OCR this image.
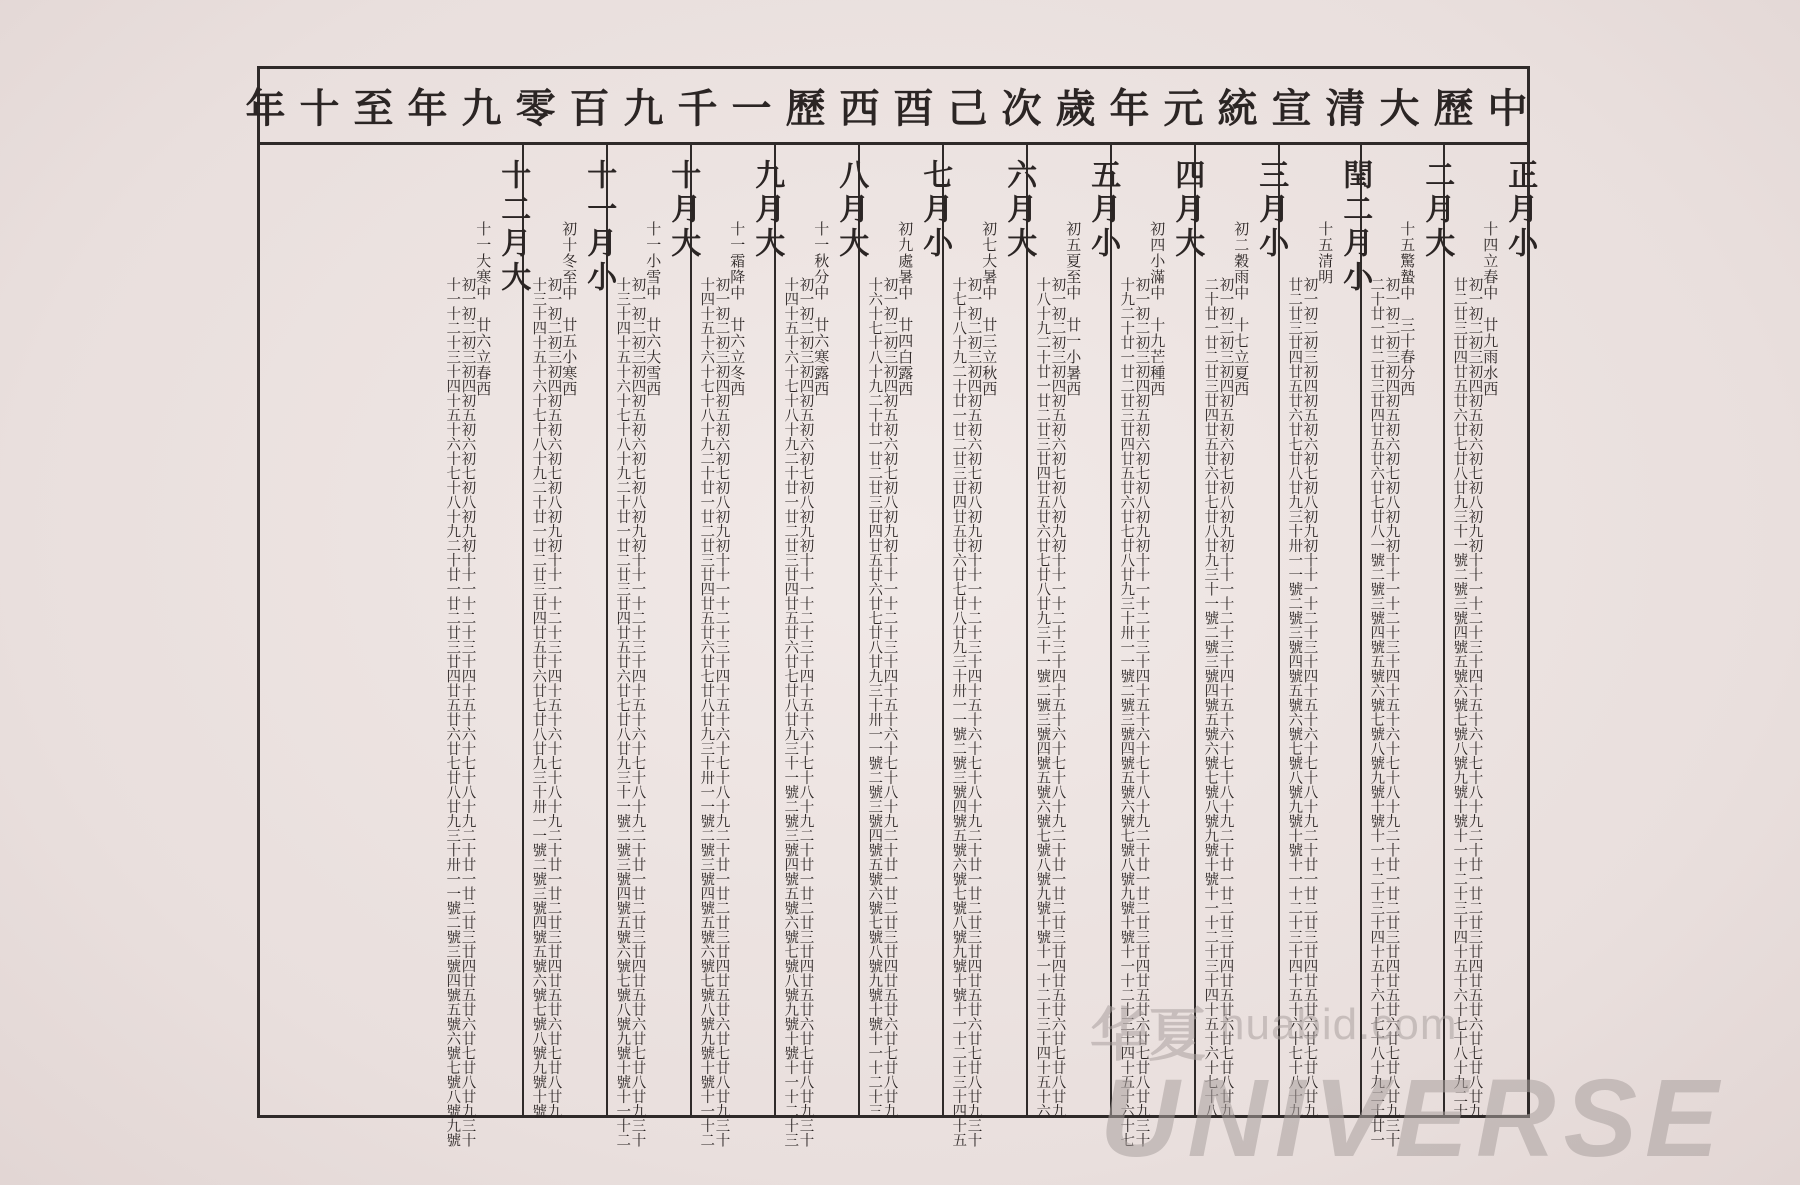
中歷大清宣統元年歲次己酉西歷一千九百零九年至十年
正月小
十四立春中　廿九雨水西
初一初二初三初四初五初六初七初八初九初十十一十二十三十四十五十六十七十八十九二十廿一廿二廿三廿四廿五廿六廿七廿八廿九
廿二廿三廿四廿五廿六廿七廿八廿九三十一號二號三號四號五號六號七號八號九號十號十一十二十三十四十五十六十七十八十九二十
二月大
十五驚蟄中　三十春分西
初一初二初三初四初五初六初七初八初九初十十一十二十三十四十五十六十七十八十九二十廿一廿二廿三廿四廿五廿六廿七廿八廿九三十
二十廿一廿二廿三廿四廿五廿六廿七廿八一號二號三號四號五號六號七號八號九號十號十一十二十三十四十五十六十七十八十九二十廿一
閏二月小
十五清明
初一初二初三初四初五初六初七初八初九初十十一十二十三十四十五十六十七十八十九二十廿一廿二廿三廿四廿五廿六廿七廿八廿九
廿二廿三廿四廿五廿六廿七廿八廿九三十卅一一號二號三號四號五號六號七號八號九號十號十一十二十三十四十五十六十七十八十九
三月小
初二穀雨中　十七立夏西
初一初二初三初四初五初六初七初八初九初十十一十二十三十四十五十六十七十八十九二十廿一廿二廿三廿四廿五廿六廿七廿八廿九
二十廿一廿二廿三廿四廿五廿六廿七廿八廿九三十一號二號三號四號五號六號七號八號九號十號十一十二十三十四十五十六十七十八
四月大
初四小滿中　十九芒種西
初一初二初三初四初五初六初七初八初九初十十一十二十三十四十五十六十七十八十九二十廿一廿二廿三廿四廿五廿六廿七廿八廿九三十
十九二十廿一廿二廿三廿四廿五廿六廿七廿八廿九三十卅一一號二號三號四號五號六號七號八號九號十號十一十二十三十四十五十六十七
五月小
初五夏至中　廿一小暑西
初一初二初三初四初五初六初七初八初九初十十一十二十三十四十五十六十七十八十九二十廿一廿二廿三廿四廿五廿六廿七廿八廿九
十八十九二十廿一廿二廿三廿四廿五廿六廿七廿八廿九三十一號二號三號四號五號六號七號八號九號十號十一十二十三十四十五十六
六月大
初七大暑中　廿三立秋西
初一初二初三初四初五初六初七初八初九初十十一十二十三十四十五十六十七十八十九二十廿一廿二廿三廿四廿五廿六廿七廿八廿九三十
十七十八十九二十廿一廿二廿三廿四廿五廿六廿七廿八廿九三十卅一一號二號三號四號五號六號七號八號九號十號十一十二十三十四十五
七月小
初九處暑中　廿四白露西
初一初二初三初四初五初六初七初八初九初十十一十二十三十四十五十六十七十八十九二十廿一廿二廿三廿四廿五廿六廿七廿八廿九
十六十七十八十九二十廿一廿二廿三廿四廿五廿六廿七廿八廿九三十卅一一號二號三號四號五號六號七號八號九號十號十一十二十三
八月大
十一秋分中　廿六寒露西
初一初二初三初四初五初六初七初八初九初十十一十二十三十四十五十六十七十八十九二十廿一廿二廿三廿四廿五廿六廿七廿八廿九三十
十四十五十六十七十八十九二十廿一廿二廿三廿四廿五廿六廿七廿八廿九三十一號二號三號四號五號六號七號八號九號十號十一十二十三
九月大
十一霜降中　廿六立冬西
初一初二初三初四初五初六初七初八初九初十十一十二十三十四十五十六十七十八十九二十廿一廿二廿三廿四廿五廿六廿七廿八廿九三十
十四十五十六十七十八十九二十廿一廿二廿三廿四廿五廿六廿七廿八廿九三十卅一一號二號三號四號五號六號七號八號九號十號十一十二
十月大
十一小雪中　廿六大雪西
初一初二初三初四初五初六初七初八初九初十十一十二十三十四十五十六十七十八十九二十廿一廿二廿三廿四廿五廿六廿七廿八廿九三十
十三十四十五十六十七十八十九二十廿一廿二廿三廿四廿五廿六廿七廿八廿九三十一號二號三號四號五號六號七號八號九號十號十一十二
十一月小
初十冬至中　廿五小寒西
初一初二初三初四初五初六初七初八初九初十十一十二十三十四十五十六十七十八十九二十廿一廿二廿三廿四廿五廿六廿七廿八廿九
十三十四十五十六十七十八十九二十廿一廿二廿三廿四廿五廿六廿七廿八廿九三十卅一一號二號三號四號五號六號七號八號九號十號
十二月大
十一大寒中　廿六立春西
初一初二初三初四初五初六初七初八初九初十十一十二十三十四十五十六十七十八十九二十廿一廿二廿三廿四廿五廿六廿七廿八廿九三十
十一十二十三十四十五十六十七十八十九二十廿一廿二廿三廿四廿五廿六廿七廿八廿九三十卅一一號二號三號四號五號六號七號八號九號	华夏 huabid.com
UNIVERSE
